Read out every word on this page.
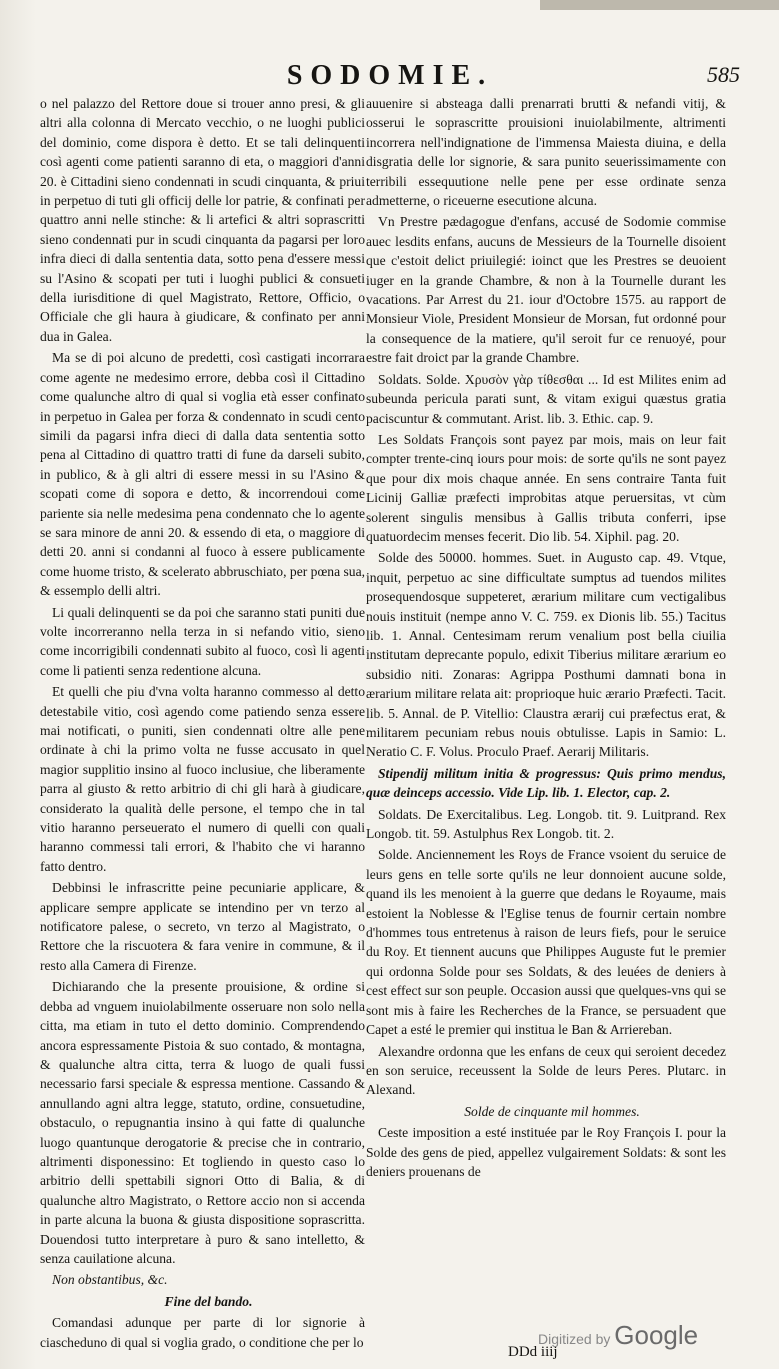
SODOMIE.	585

o nel palazzo del Rettore doue si trouer anno presi, & gli altri alla colonna di Mercato vecchio, o ne luoghi publici del dominio, come dispora è detto. Et se tali delinquenti così agenti come patienti saranno di eta, o maggiori d'anni 20. è Cittadini sieno condennati in scudi cinquanta, & priui in perpetuo di tuti gli officij delle lor patrie, & confinati per quattro anni nelle stinche: & li artefici & altri soprascritti sieno condennati pur in scudi cinquanta da pagarsi per loro infra dieci di dalla sententia data, sotto pena d'essere messi su l'Asino & scopati per tuti i luoghi publici & consueti della iurisditione di quel Magistrato, Rettore, Officio, o Officiale che gli haura à giudicare, & confinato per anni dua in Galea.

Ma se di poi alcuno de predetti, così castigati incorrara come agente ne medesimo errore, debba così il Cittadino come qualunche altro di qual si voglia età esser confinato in perpetuo in Galea per forza & condennato in scudi cento simili da pagarsi infra dieci di dalla data sententia sotto pena al Cittadino di quattro tratti di fune da darseli subito, in publico, & à gli altri di essere messi in su l'Asino & scopati come di sopora e detto, & incorrendoui come pariente sia nelle medesima pena condennato che lo agente se sara minore de anni 20. & essendo di eta, o maggiore di detti 20. anni si condanni al fuoco à essere publicamente come huome tristo, & scelerato abbruschiato, per pœna sua, & essemplo delli altri.

Li quali delinquenti se da poi che saranno stati puniti due volte incorreranno nella terza in si nefando vitio, sieno come incorrigibili condennati subito al fuoco, così li agenti come li patienti senza redentione alcuna.

Et quelli che piu d'vna volta haranno commesso al detto detestabile vitio, così agendo come patiendo senza essere mai notificati, o puniti, sien condennati oltre alle pene ordinate à chi la primo volta ne fusse accusato in quel magior supplitio insino al fuoco inclusiue, che liberamente parra al giusto & retto arbitrio di chi gli harà à giudicare, considerato la qualità delle persone, el tempo che in tal vitio haranno perseuerato el numero di quelli con quali haranno commessi tali errori, & l'habito che vi haranno fatto dentro.

Debbinsi le infrascritte peine pecuniarie applicare, & applicare sempre applicate se intendino per vn terzo al notificatore palese, o secreto, vn terzo al Magistrato, o Rettore che la riscuotera & fara venire in commune, & il resto alla Camera di Firenze.

Dichiarando che la presente prouisione, & ordine si debba ad vnguem inuiolabilmente osseruare non solo nella citta, ma etiam in tuto el detto dominio. Comprendendo ancora espressamente Pistoia & suo contado, & montagna, & qualunche altra citta, terra & luogo de quali fussi necessario farsi speciale & espressa mentione. Cassando & annullando agni altra legge, statuto, ordine, consuetudine, obstaculo, o repugnantia insino à qui fatte di qualunche luogo quantunque derogatorie & precise che in contrario, altrimenti disponessino: Et togliendo in questo caso lo arbitrio delli spettabili signori Otto di Balia, & di qualunche altro Magistrato, o Rettore accio non si accenda in parte alcuna la buona & giusta dispositione soprascritta. Douendosi tutto interpretare à puro & sano intelletto, & senza cauilatione alcuna.

Non obstantibus, &c.

Fine del bando.

Comandasi adunque per parte di lor signorie à ciascheduno di qual si voglia grado, o conditione che per lo

auuenire si absteaga dalli prenarrati brutti & nefandi vitij, & osserui le soprascritte prouisioni inuiolabilmente, altrimenti incorrera nell'indignatione de l'immensa Maiesta diuina, e della disgratia delle lor signorie, & sara punito seuerissimamente con terribili essequutione nelle pene per esse ordinate senza admetterne, o riceuerne esecutione alcuna.

Vn Prestre pædagogue d'enfans, accusé de Sodomie commise auec lesdits enfans, aucuns de Messieurs de la Tournelle disoient que c'estoit delict priuilegié: ioinct que les Prestres se deuoient iuger en la grande Chambre, & non à la Tournelle durant les vacations. Par Arrest du 21. iour d'Octobre 1575. au rapport de Monsieur Viole, President Monsieur de Morsan, fut ordonné pour la consequence de la matiere, qu'il seroit fur ce renuoyé, pour estre fait droict par la grande Chambre.

Soldats. Solde. Χρυσὸν γὰρ τίθεσθαι ... Id est Milites enim ad subeunda pericula parati sunt, & vitam exigui quæstus gratia paciscuntur & commutant. Arist. lib. 3. Ethic. cap. 9.

Les Soldats François sont payez par mois, mais on leur fait compter trente-cinq iours pour mois: de sorte qu'ils ne sont payez que pour dix mois chaque année. En sens contraire Tanta fuit Licinij Galliæ præfecti improbitas atque peruersitas, vt cùm solerent singulis mensibus à Gallis tributa conferri, ipse quatuordecim menses fecerit. Dio lib. 54. Xiphil. pag. 20.

Solde des 50000. hommes. Suet. in Augusto cap. 49. Vtque, inquit, perpetuo ac sine difficultate sumptus ad tuendos milites prosequendosque suppeteret, ærarium militare cum vectigalibus nouis instituit (nempe anno V. C. 759. ex Dionis lib. 55.) Tacitus lib. 1. Annal. Centesimam rerum venalium post bella ciuilia institutam deprecante populo, edixit Tiberius militare ærarium eo subsidio niti. Zonaras: Agrippa Posthumi damnati bona in ærarium militare relata ait: proprioque huic ærario Præfecti. Tacit. lib. 5. Annal. de P. Vitellio: Claustra ærarij cui præfectus erat, & militarem pecuniam rebus nouis obtulisse. Lapis in Samio: L. Neratio C. F. Volus. Proculo Praef. Aerarij Militaris.

Stipendij militum initia & progressus: Quis primo mendus, quæ deinceps accessio. Vide Lip. lib. 1. Elector, cap. 2.

Soldats. De Exercitalibus. Leg. Longob. tit. 9. Luitprand. Rex Longob. tit. 59. Astulphus Rex Longob. tit. 2.

Solde. Anciennement les Roys de France vsoient du seruice de leurs gens en telle sorte qu'ils ne leur donnoient aucune solde, quand ils les menoient à la guerre que dedans le Royaume, mais estoient la Noblesse & l'Eglise tenus de fournir certain nombre d'hommes tous entretenus à raison de leurs fiefs, pour le seruice du Roy. Et tiennent aucuns que Philippes Auguste fut le premier qui ordonna Solde pour ses Soldats, & des leuées de deniers à cest effect sur son peuple. Occasion aussi que quelques-vns qui se sont mis à faire les Recherches de la France, se persuadent que Capet a esté le premier qui institua le Ban & Arriereban.

Alexandre ordonna que les enfans de ceux qui seroient decedez en son seruice, receussent la Solde de leurs Peres. Plutarc. in Alexand.

Solde de cinquante mil hommes.

Ceste imposition a esté instituée par le Roy François I. pour la Solde des gens de pied, appellez vulgairement Soldats: & sont les deniers prouenans de

DDd iiij
Digitized by Google
